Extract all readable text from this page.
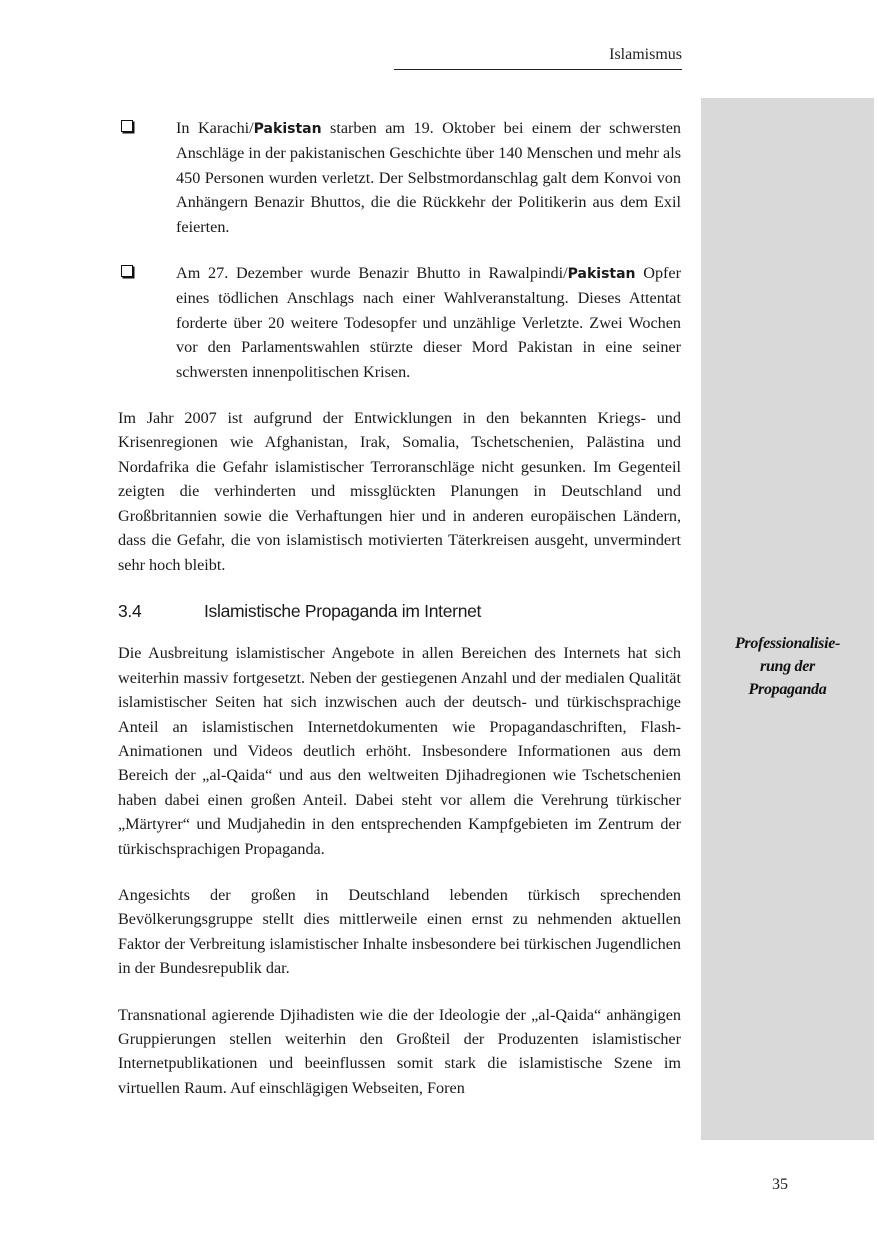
Islamismus
Professionalisie-
rung der
Propaganda
In Karachi/Pakistan starben am 19. Oktober bei einem der schwersten Anschläge in der pakistanischen Geschichte über 140 Menschen und mehr als 450 Personen wurden verletzt. Der Selbstmordanschlag galt dem Konvoi von Anhängern Benazir Bhuttos, die die Rückkehr der Politikerin aus dem Exil feierten.
Am 27. Dezember wurde Benazir Bhutto in Rawalpindi/Pakistan Opfer eines tödlichen Anschlags nach einer Wahlveranstaltung. Dieses Attentat forderte über 20 weitere Todesopfer und unzählige Verletzte. Zwei Wochen vor den Parlamentswahlen stürzte dieser Mord Pakistan in eine seiner schwersten innenpolitischen Krisen.

Im Jahr 2007 ist aufgrund der Entwicklungen in den bekannten Kriegs- und Krisenregionen wie Afghanistan, Irak, Somalia, Tschetschenien, Palästina und Nordafrika die Gefahr islamistischer Terroranschläge nicht gesunken. Im Gegenteil zeigten die verhinderten und missglückten Planungen in Deutschland und Großbritannien sowie die Verhaftungen hier und in anderen europäischen Ländern, dass die Gefahr, die von islamistisch motivierten Täterkreisen ausgeht, unvermindert sehr hoch bleibt.

3.4	Islamistische Propaganda im Internet

Die Ausbreitung islamistischer Angebote in allen Bereichen des Internets hat sich weiterhin massiv fortgesetzt. Neben der gestiegenen Anzahl und der medialen Qualität islamistischer Seiten hat sich inzwischen auch der deutsch- und türkischsprachige Anteil an islamistischen Internetdokumenten wie Propagandaschriften, Flash-Animationen und Videos deutlich erhöht. Insbesondere Informationen aus dem Bereich der „al-Qaida“ und aus den weltweiten Djihadregionen wie Tschetschenien haben dabei einen großen Anteil. Dabei steht vor allem die Verehrung türkischer „Märtyrer“ und Mudjahedin in den entsprechenden Kampfgebieten im Zentrum der türkischsprachigen Propaganda.

Angesichts der großen in Deutschland lebenden türkisch sprechenden Bevölkerungsgruppe stellt dies mittlerweile einen ernst zu nehmenden aktuellen Faktor der Verbreitung islamistischer Inhalte insbesondere bei türkischen Jugendlichen in der Bundesrepublik dar.

Transnational agierende Djihadisten wie die der Ideologie der „al-Qaida“ anhängigen Gruppierungen stellen weiterhin den Großteil der Produzenten islamistischer Internetpublikationen und beeinflussen somit stark die islamistische Szene im virtuellen Raum. Auf einschlägigen Webseiten, Foren

35
